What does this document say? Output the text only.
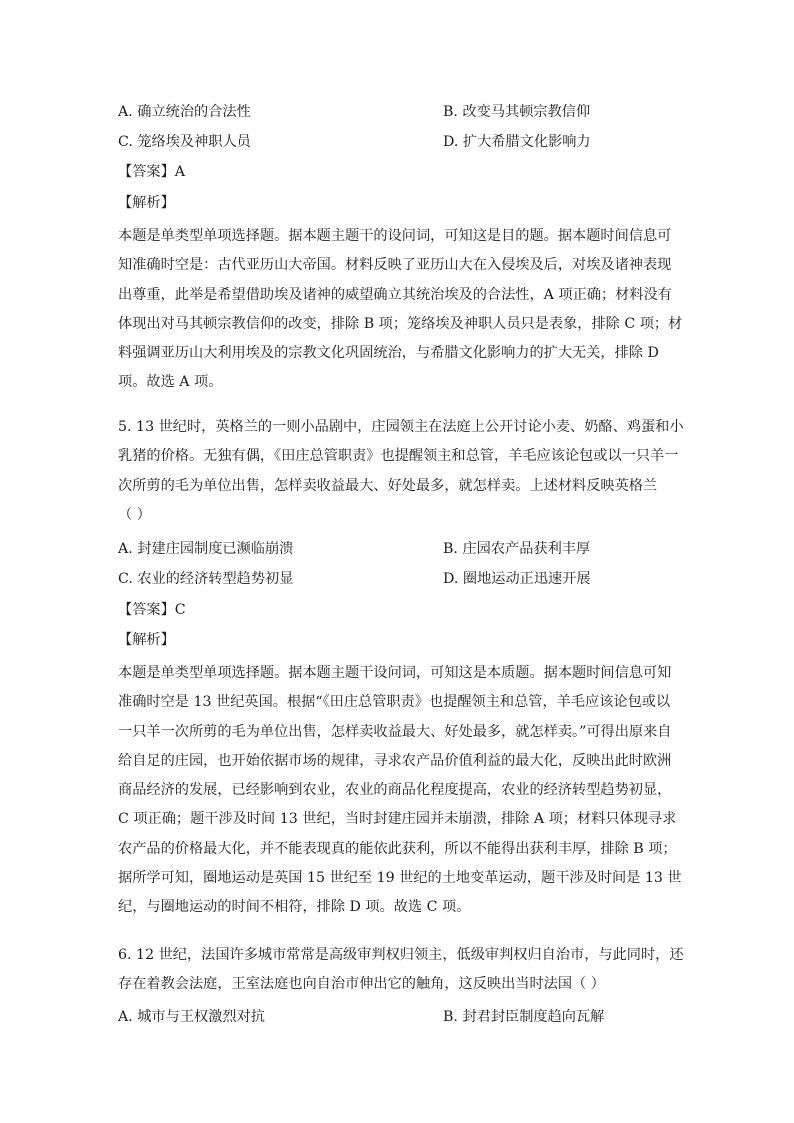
A. 确立统治的合法性	B. 改变马其顿宗教信仰
C. 笼络埃及神职人员	D. 扩大希腊文化影响力
【答案】A
【解析】
本题是单类型单项选择题。据本题主题干的设问词，可知这是目的题。据本题时间信息可
知准确时空是：古代亚历山大帝国。材料反映了亚历山大在入侵埃及后，对埃及诸神表现
出尊重，此举是希望借助埃及诸神的威望确立其统治埃及的合法性，A 项正确；材料没有
体现出对马其顿宗教信仰的改变，排除 B 项；笼络埃及神职人员只是表象，排除 C 项；材
料强调亚历山大利用埃及的宗教文化巩固统治，与希腊文化影响力的扩大无关，排除 D
项。故选 A 项。
5. 13 世纪时，英格兰的一则小品剧中，庄园领主在法庭上公开讨论小麦、奶酪、鸡蛋和小
乳猪的价格。无独有偶，《田庄总管职责》也提醒领主和总管，羊毛应该论包或以一只羊一
次所剪的毛为单位出售，怎样卖收益最大、好处最多，就怎样卖。上述材料反映英格兰
（ ）
A. 封建庄园制度已濒临崩溃	B. 庄园农产品获利丰厚
C. 农业的经济转型趋势初显	D. 圈地运动正迅速开展
【答案】C
【解析】
本题是单类型单项选择题。据本题主题干设问词，可知这是本质题。据本题时间信息可知
准确时空是 13 世纪英国。根据“《田庄总管职责》也提醒领主和总管，羊毛应该论包或以
一只羊一次所剪的毛为单位出售，怎样卖收益最大、好处最多，就怎样卖。”可得出原来自
给自足的庄园，也开始依据市场的规律，寻求农产品价值利益的最大化，反映出此时欧洲
商品经济的发展，已经影响到农业，农业的商品化程度提高，农业的经济转型趋势初显，
C 项正确；题干涉及时间 13 世纪，当时封建庄园并未崩溃，排除 A 项；材料只体现寻求
农产品的价格最大化，并不能表现真的能依此获利，所以不能得出获利丰厚，排除 B 项；
据所学可知，圈地运动是英国 15 世纪至 19 世纪的土地变革运动，题干涉及时间是 13 世
纪，与圈地运动的时间不相符，排除 D 项。故选 C 项。
6. 12 世纪，法国许多城市常常是高级审判权归领主，低级审判权归自治市，与此同时，还
存在着教会法庭，王室法庭也向自治市伸出它的触角，这反映出当时法国（ ）
A. 城市与王权激烈对抗	B. 封君封臣制度趋向瓦解
